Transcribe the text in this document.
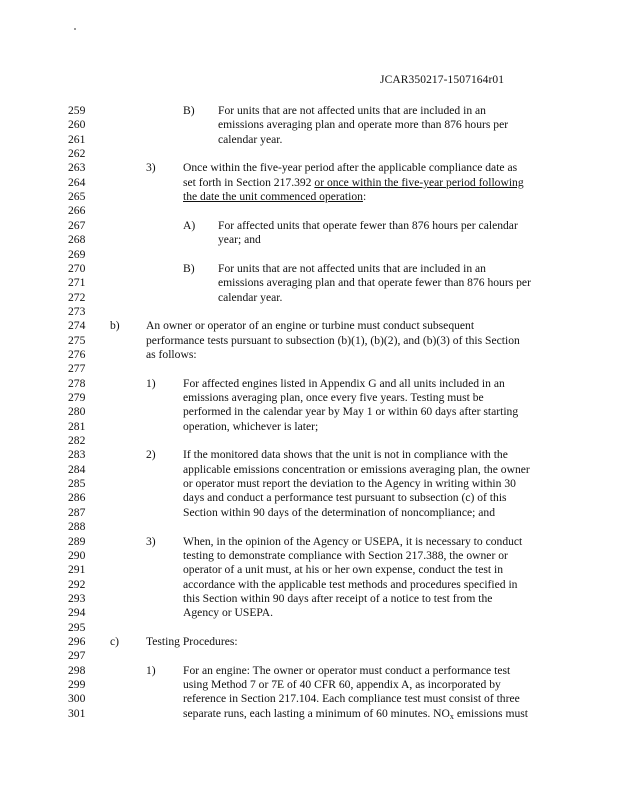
JCAR350217-1507164r01
259	B) For units that are not affected units that are included in an
260	emissions averaging plan and operate more than 876 hours per
261	calendar year.
262
263	3) Once within the five-year period after the applicable compliance date as
264	set forth in Section 217.392 or once within the five-year period following
265	the date the unit commenced operation:
266
267	A) For affected units that operate fewer than 876 hours per calendar
268	year; and
269
270	B) For units that are not affected units that are included in an
271	emissions averaging plan and that operate fewer than 876 hours per
272	calendar year.
273
274	b) An owner or operator of an engine or turbine must conduct subsequent
275	performance tests pursuant to subsection (b)(1), (b)(2), and (b)(3) of this Section
276	as follows:
277
278	1) For affected engines listed in Appendix G and all units included in an
279	emissions averaging plan, once every five years. Testing must be
280	performed in the calendar year by May 1 or within 60 days after starting
281	operation, whichever is later;
282
283	2) If the monitored data shows that the unit is not in compliance with the
284	applicable emissions concentration or emissions averaging plan, the owner
285	or operator must report the deviation to the Agency in writing within 30
286	days and conduct a performance test pursuant to subsection (c) of this
287	Section within 90 days of the determination of noncompliance; and
288
289	3) When, in the opinion of the Agency or USEPA, it is necessary to conduct
290	testing to demonstrate compliance with Section 217.388, the owner or
291	operator of a unit must, at his or her own expense, conduct the test in
292	accordance with the applicable test methods and procedures specified in
293	this Section within 90 days after receipt of a notice to test from the
294	Agency or USEPA.
295
296	c) Testing Procedures:
297
298	1) For an engine: The owner or operator must conduct a performance test
299	using Method 7 or 7E of 40 CFR 60, appendix A, as incorporated by
300	reference in Section 217.104. Each compliance test must consist of three
301	separate runs, each lasting a minimum of 60 minutes. $NO_x$ emissions must
